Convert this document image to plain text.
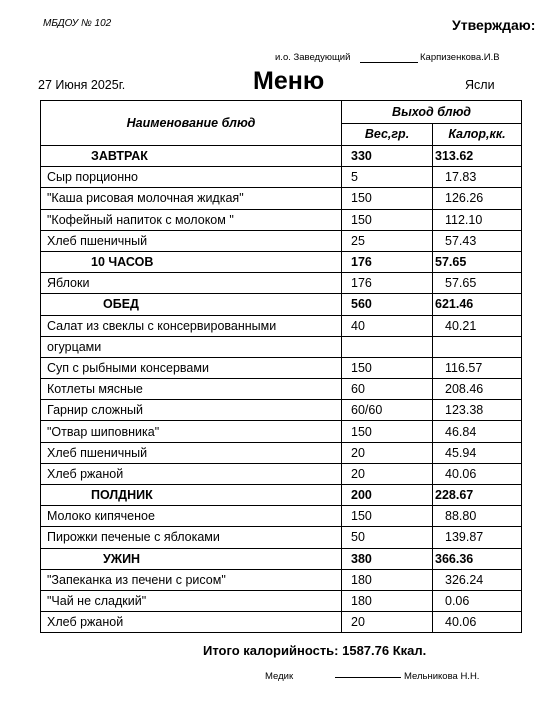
МБДОУ № 102	Утверждаю:
и.о. Заведующий	Карпизенкова.И.В
27 Июня 2025г.	Меню	Ясли
Наименование блюд	Выход блюд	
	Вес,гр.	Калор,кк.
ЗАВТРАК	330	313.62
Сыр порционно	5	17.83
"Каша рисовая молочная жидкая"	150	126.26
"Кофейный напиток с молоком "	150	112.10
Хлеб пшеничный	25	57.43
10 ЧАСОВ	176	57.65
Яблоки	176	57.65
ОБЕД	560	621.46
Салат из свеклы с консервированными	40	40.21
огурцами		
Суп с рыбными консервами	150	116.57
Котлеты мясные	60	208.46
Гарнир сложный	60/60	123.38
"Отвар шиповника"	150	46.84
Хлеб пшеничный	20	45.94
Хлеб ржаной	20	40.06
ПОЛДНИК	200	228.67
Молоко кипяченое	150	88.80
Пирожки печеные с яблоками	50	139.87
УЖИН	380	366.36
"Запеканка из печени с рисом"	180	326.24
"Чай не сладкий"	180	0.06
Хлеб ржаной	20	40.06
Итого калорийность: 1587.76 Ккал.
Медик	Мельникова Н.Н.
